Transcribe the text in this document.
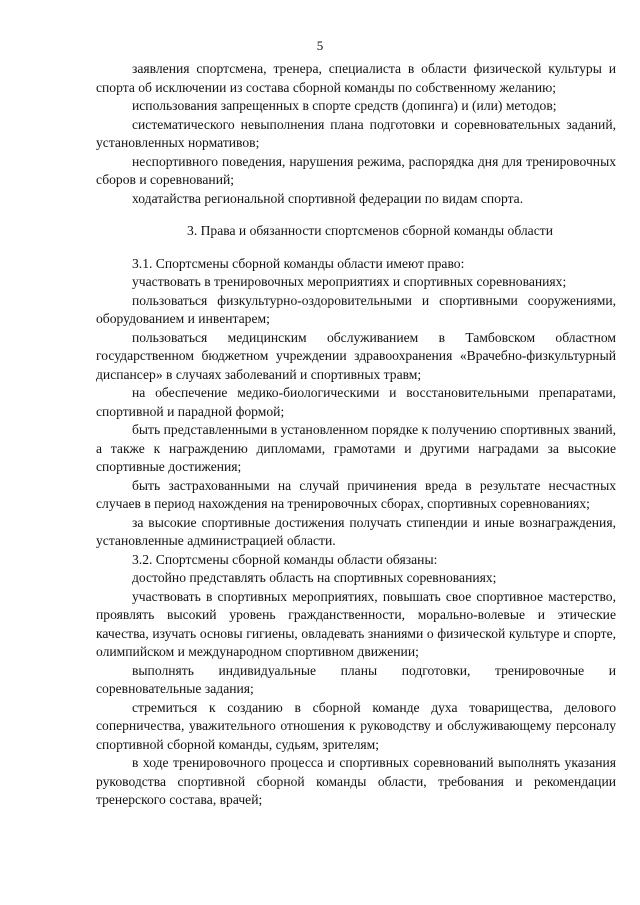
5

заявления спортсмена, тренера, специалиста в области физической культуры и спорта об исключении из состава сборной команды по собственному желанию;

использования запрещенных в спорте средств (допинга) и (или) методов;

систематического невыполнения плана подготовки и соревновательных заданий, установленных нормативов;

неспортивного поведения, нарушения режима, распорядка дня для тренировочных сборов и соревнований;

ходатайства региональной спортивной федерации по видам спорта.

3. Права и обязанности спортсменов сборной команды области

3.1. Спортсмены сборной команды области имеют право:

участвовать в тренировочных мероприятиях и спортивных соревнованиях;

пользоваться физкультурно-оздоровительными и спортивными сооружениями, оборудованием и инвентарем;

пользоваться медицинским обслуживанием в Тамбовском областном государственном бюджетном учреждении здравоохранения «Врачебно-физкультурный диспансер» в случаях заболеваний и спортивных травм;

на обеспечение медико-биологическими и восстановительными препаратами, спортивной и парадной формой;

быть представленными в установленном порядке к получению спортивных званий, а также к награждению дипломами, грамотами и другими наградами за высокие спортивные достижения;

быть застрахованными на случай причинения вреда в результате несчастных случаев в период нахождения на тренировочных сборах, спортивных соревнованиях;

за высокие спортивные достижения получать стипендии и иные вознаграждения, установленные администрацией области.

3.2. Спортсмены сборной команды области обязаны:

достойно представлять область на спортивных соревнованиях;

участвовать в спортивных мероприятиях, повышать свое спортивное мастерство, проявлять высокий уровень гражданственности, морально-волевые и этические качества, изучать основы гигиены, овладевать знаниями о физической культуре и спорте, олимпийском и международном спортивном движении;

выполнять индивидуальные планы подготовки, тренировочные и соревновательные задания;

стремиться к созданию в сборной команде духа товарищества, делового соперничества, уважительного отношения к руководству и обслуживающему персоналу спортивной сборной команды, судьям, зрителям;

в ходе тренировочного процесса и спортивных соревнований выполнять указания руководства спортивной сборной команды области, требования и рекомендации тренерского состава, врачей;
